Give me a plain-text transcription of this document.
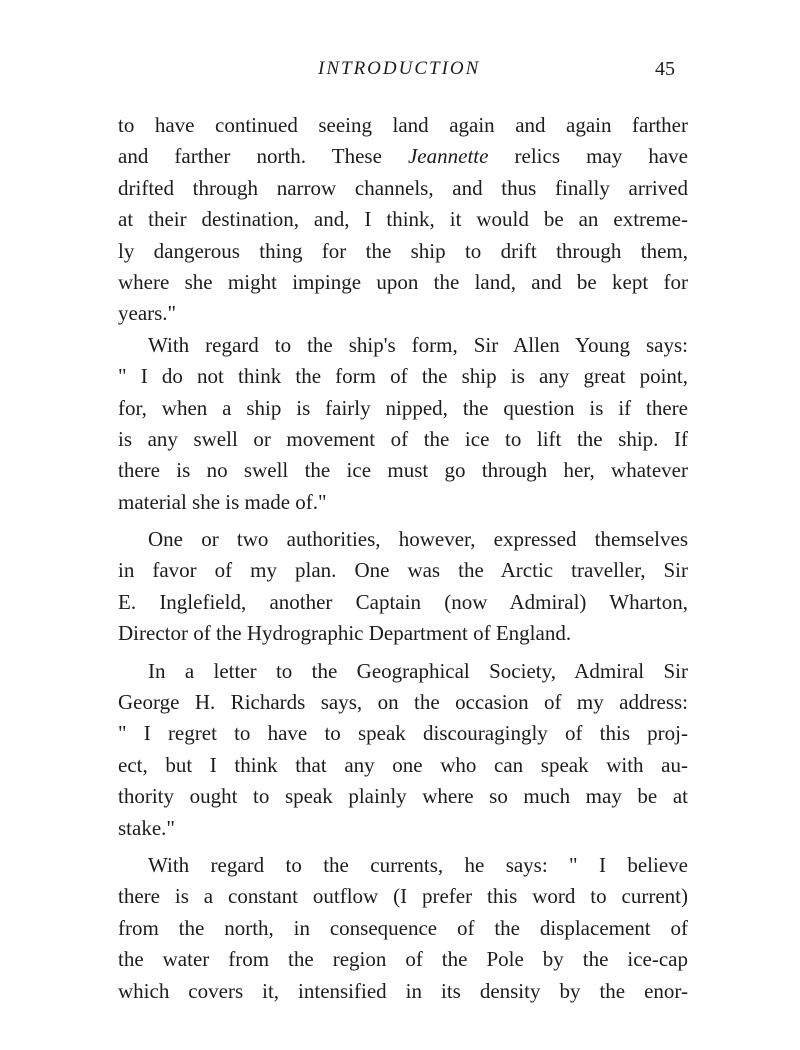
INTRODUCTION	45
to have continued seeing land again and again farther
and farther north. These Jeannette relics may have
drifted through narrow channels, and thus finally arrived
at their destination, and, I think, it would be an extreme-
ly dangerous thing for the ship to drift through them,
where she might impinge upon the land, and be kept for
years."
With regard to the ship's form, Sir Allen Young says:
" I do not think the form of the ship is any great point,
for, when a ship is fairly nipped, the question is if there
is any swell or movement of the ice to lift the ship. If
there is no swell the ice must go through her, whatever
material she is made of."
One or two authorities, however, expressed themselves
in favor of my plan. One was the Arctic traveller, Sir
E. Inglefield, another Captain (now Admiral) Wharton,
Director of the Hydrographic Department of England.
In a letter to the Geographical Society, Admiral Sir
George H. Richards says, on the occasion of my address:
" I regret to have to speak discouragingly of this proj-
ect, but I think that any one who can speak with au-
thority ought to speak plainly where so much may be at
stake."
With regard to the currents, he says: " I believe
there is a constant outflow (I prefer this word to current)
from the north, in consequence of the displacement of
the water from the region of the Pole by the ice-cap
which covers it, intensified in its density by the enor-
